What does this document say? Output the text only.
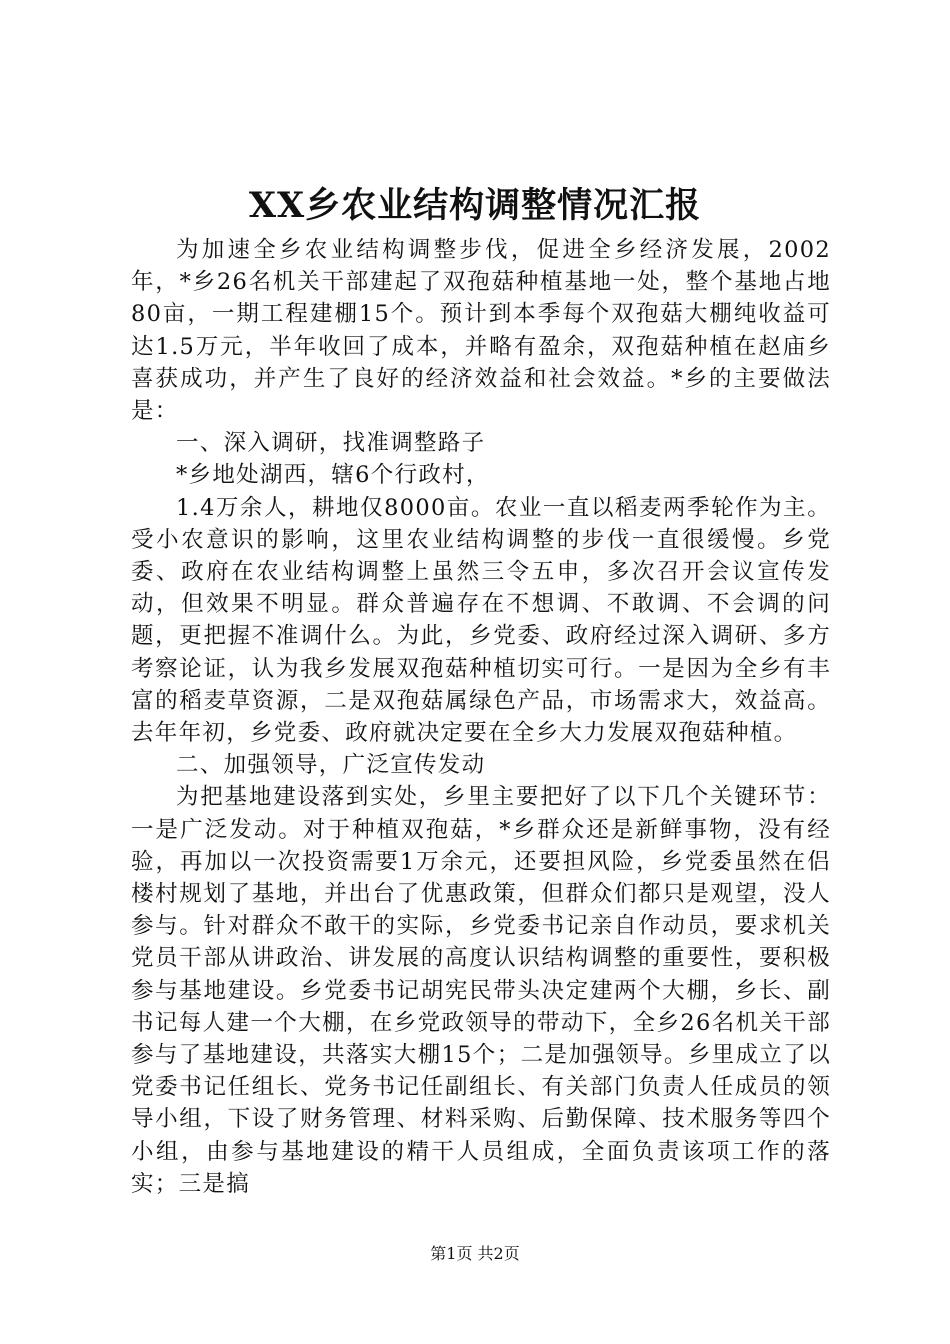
XX乡农业结构调整情况汇报

为加速全乡农业结构调整步伐，促进全乡经济发展，2002年，*乡26名机关干部建起了双孢菇种植基地一处，整个基地占地80亩，一期工程建棚15个。预计到本季每个双孢菇大棚纯收益可达1.5万元，半年收回了成本，并略有盈余，双孢菇种植在赵庙乡喜获成功，并产生了良好的经济效益和社会效益。*乡的主要做法是：

一、深入调研，找准调整路子

*乡地处湖西，辖6个行政村，

1.4万余人，耕地仅8000亩。农业一直以稻麦两季轮作为主。受小农意识的影响，这里农业结构调整的步伐一直很缓慢。乡党委、政府在农业结构调整上虽然三令五申，多次召开会议宣传发动，但效果不明显。群众普遍存在不想调、不敢调、不会调的问题，更把握不准调什么。为此，乡党委、政府经过深入调研、多方考察论证，认为我乡发展双孢菇种植切实可行。一是因为全乡有丰富的稻麦草资源，二是双孢菇属绿色产品，市场需求大，效益高。去年年初，乡党委、政府就决定要在全乡大力发展双孢菇种植。

二、加强领导，广泛宣传发动

为把基地建设落到实处，乡里主要把好了以下几个关键环节：一是广泛发动。对于种植双孢菇，*乡群众还是新鲜事物，没有经验，再加以一次投资需要1万余元，还要担风险，乡党委虽然在侣楼村规划了基地，并出台了优惠政策，但群众们都只是观望，没人参与。针对群众不敢干的实际，乡党委书记亲自作动员，要求机关党员干部从讲政治、讲发展的高度认识结构调整的重要性，要积极参与基地建设。乡党委书记胡宪民带头决定建两个大棚，乡长、副书记每人建一个大棚，在乡党政领导的带动下，全乡26名机关干部参与了基地建设，共落实大棚15个；二是加强领导。乡里成立了以党委书记任组长、党务书记任副组长、有关部门负责人任成员的领导小组，下设了财务管理、材料采购、后勤保障、技术服务等四个小组，由参与基地建设的精干人员组成，全面负责该项工作的落实；三是搞

第1页 共2页
